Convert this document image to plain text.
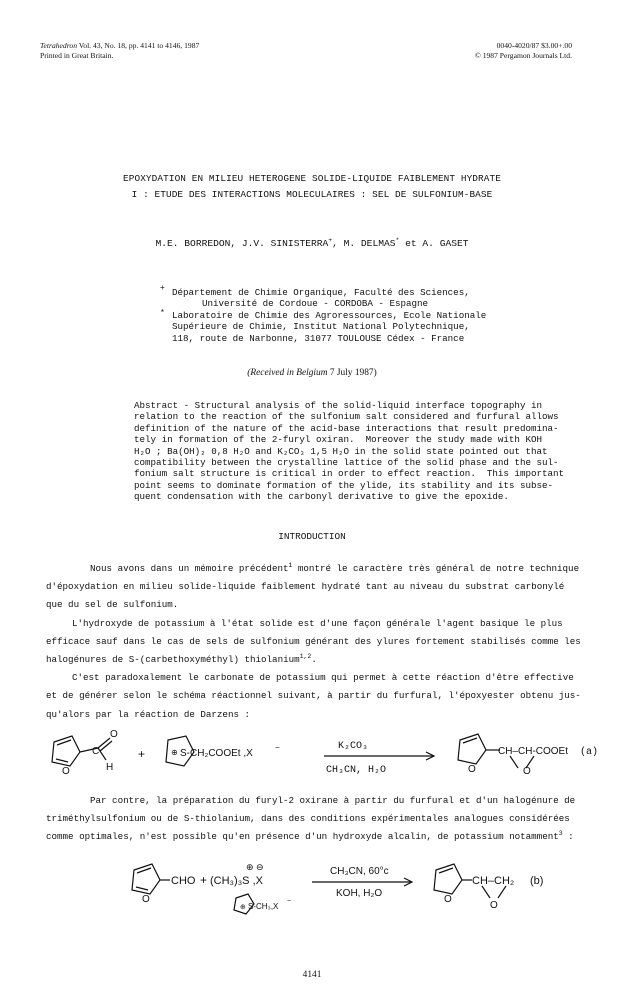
Tetrahedron Vol. 43, No. 18, pp. 4141 to 4146, 1987
Printed in Great Britain.
0040-4020/87 $3.00+.00
© 1987 Pergamon Journals Ltd.
EPOXYDATION EN MILIEU HETEROGENE SOLIDE-LIQUIDE FAIBLEMENT HYDRATE
I : ETUDE DES INTERACTIONS MOLECULAIRES : SEL DE SULFONIUM-BASE
M.E. BORREDON, J.V. SINISTERRA+, M. DELMAS* et A. GASET
+ Département de Chimie Organique, Faculté des Sciences,
Université de Cordoue - CORDOBA - Espagne
* Laboratoire de Chimie des Agroressources, Ecole Nationale
Supérieure de Chimie, Institut National Polytechnique,
118, route de Narbonne, 31077 TOULOUSE Cédex - France
(Received in Belgium 7 July 1987)
Abstract - Structural analysis of the solid-liquid interface topography in
relation to the reaction of the sulfonium salt considered and furfural allows
definition of the nature of the acid-base interactions that result predomina-
tely in formation of the 2-furyl oxiran.  Moreover the study made with KOH
H₂O ; Ba(OH)₂ 0,8 H₂O and K₂CO₃ 1,5 H₂O in the solid state pointed out that
compatibility between the crystalline lattice of the solid phase and the sul-
fonium salt structure is critical in order to effect reaction.  This important
point seems to dominate formation of the ylide, its stability and its subse-
quent condensation with the carbonyl derivative to give the epoxide.
INTRODUCTION
Nous avons dans un mémoire précédent$^1$ montré le caractère très général de notre technique
d'époxydation en milieu solide-liquide faiblement hydraté tant au niveau du substrat carbonylé
que du sel de sulfonium.
L'hydroxyde de potassium à l'état solide est d'une façon générale l'agent basique le plus
efficace sauf dans le cas de sels de sulfonium générant des ylures fortement stabilisés comme les
halogénures de S-(carbethoxyméthyl) thiolanium$^{1,2}$.
C'est paradoxalement le carbonate de potassium qui permet à cette réaction d'être effective
et de générer selon le schéma réactionnel suivant, à partir du furfural, l'époxyester obtenu jus-
qu'alors par la réaction de Darzens :
O
C
H
O
+	⊕ S-CH₂COOEt ,X
−	K₂CO₃
CH₃CN, H₂O	O
CH–CH-COOEt
O
(a)
Par contre, la préparation du furyl-2 oxirane à partir du furfural et d'un halogénure de
triméthylsulfonium ou de S-thiolanium, dans des conditions expérimentales analogues considérées
comme optimales, n'est possible qu'en présence d'un hydroxyde alcalin, de potassium notamment$^3$ :
CHO
O
+
⊕ ⊖
(CH₃)₃S ,X
⊕ S-CH₃,X
−
CH₃CN, 60°c
KOH, H₂O
O
CH–CH₂
O
(b)
4141
